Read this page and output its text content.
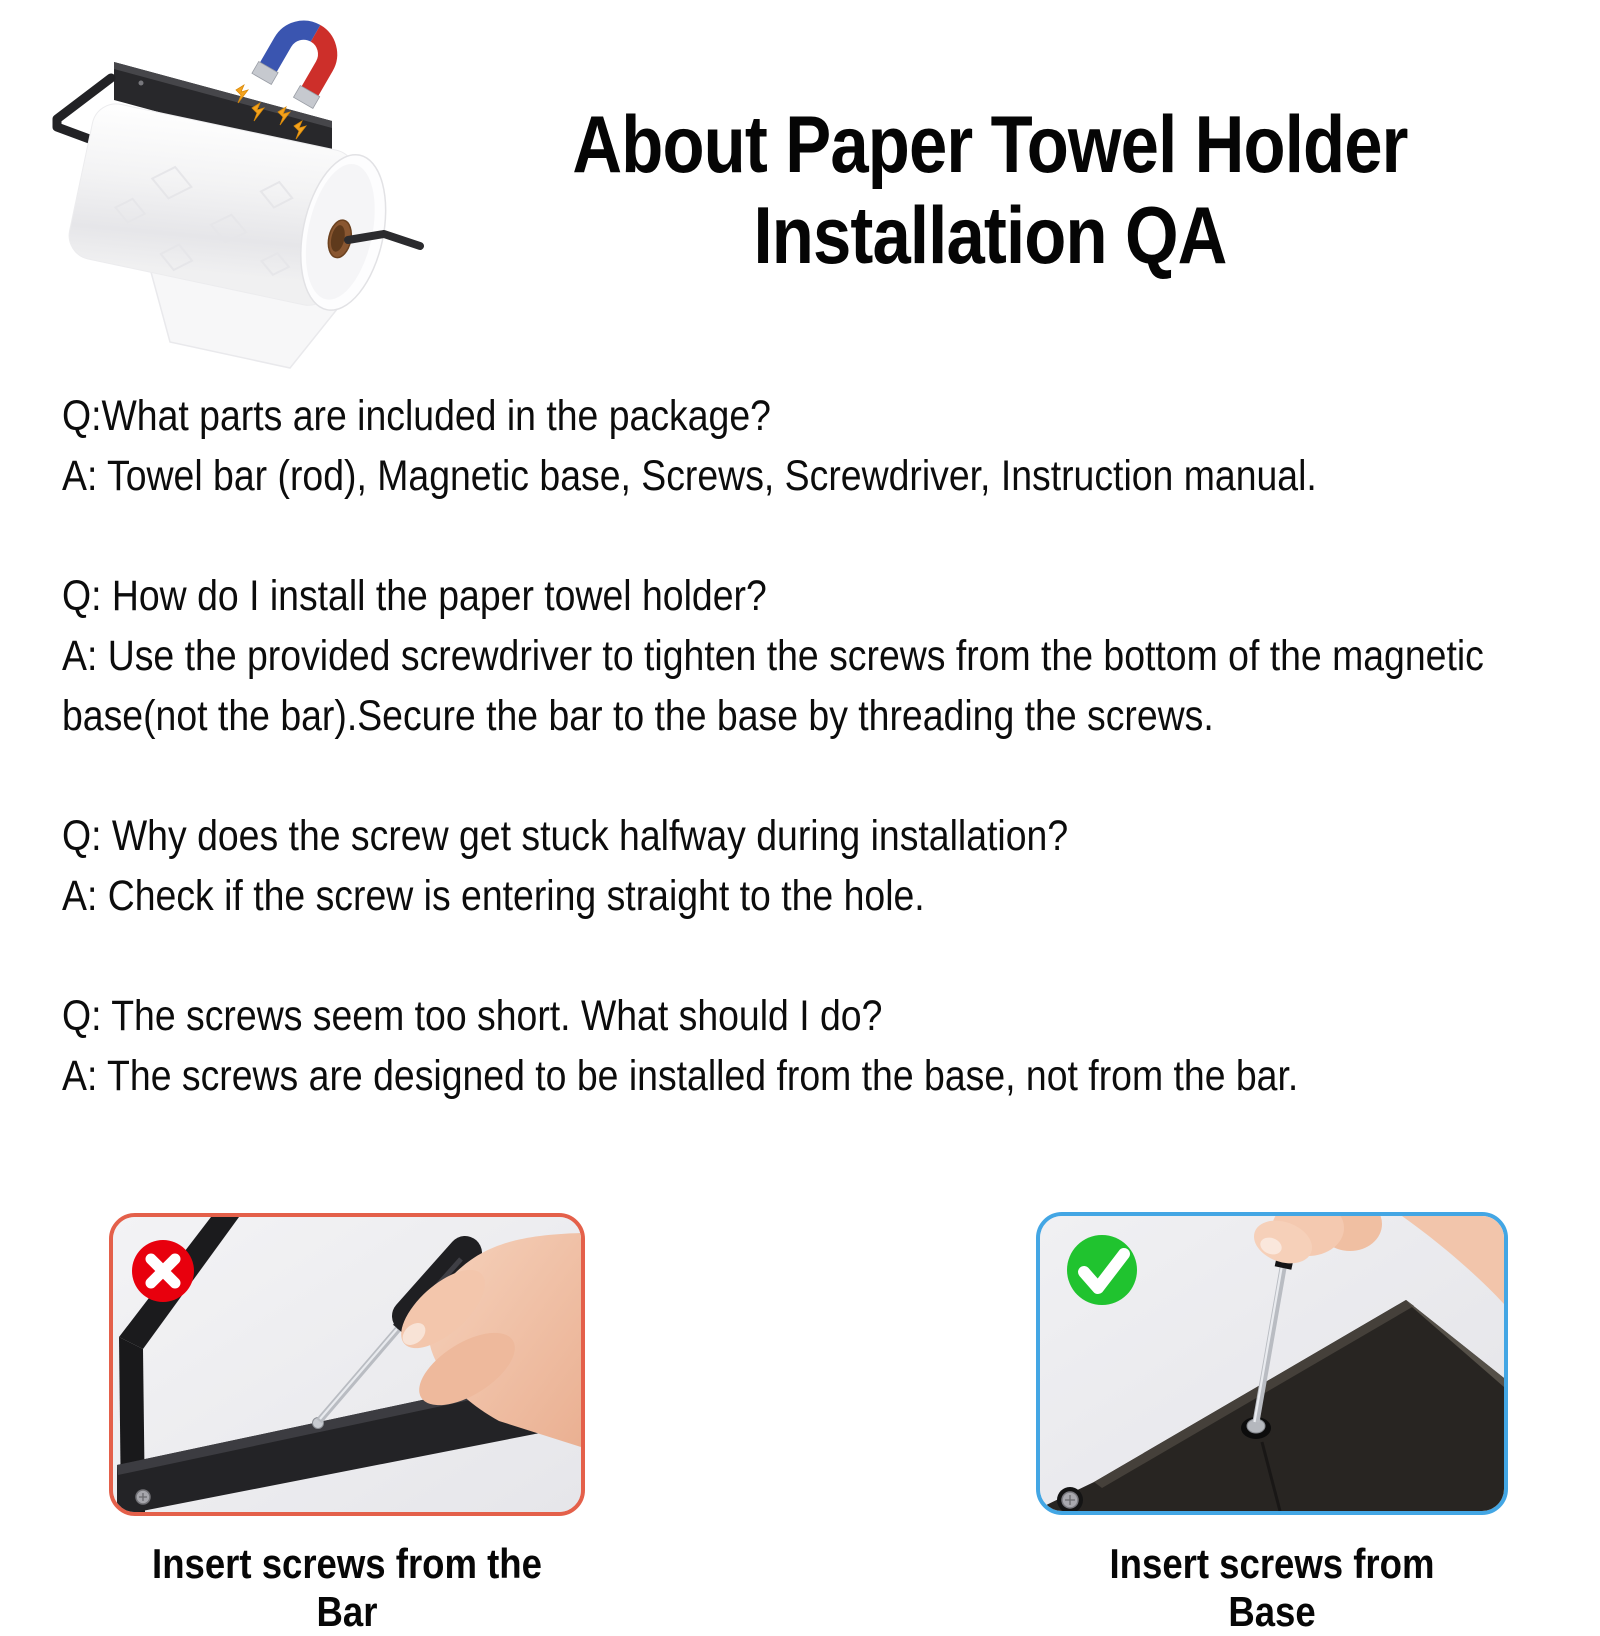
About Paper Towel Holder
Installation QA

Q:What parts are included in the package?

A: Towel bar (rod), Magnetic base, Screws, Screwdriver, Instruction manual.

Q: How do I install the paper towel holder?

A: Use the provided screwdriver to tighten the screws from the bottom of the magnetic base(not the bar).Secure the bar to the base by threading the screws.

Q: Why does the screw get stuck halfway during installation?

A: Check if the screw is entering straight to the hole.

Q: The screws seem too short. What should I do?

A: The screws are designed to be installed from the base, not from the bar.

Insert screws from the Bar
Insert screws from Base
